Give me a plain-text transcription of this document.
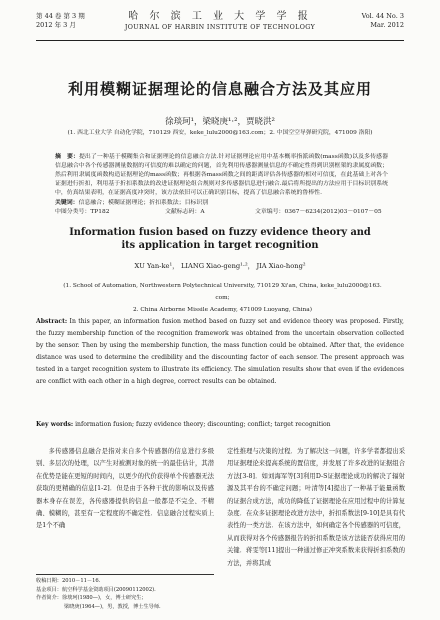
第 44 卷 第 3 期
2012 年 3 月
哈 尔 滨 工 业 大 学 学 报
JOURNAL OF HARBIN INSTITUTE OF TECHNOLOGY
Vol. 44 No. 3
Mar. 2012
利用模糊证据理论的信息融合方法及其应用
徐琰珂¹，梁晓庚¹·²，贾晓洪²
(1. 西北工业大学 自动化学院，710129 西安，keke_lulu2000@163.com；2. 中国空空导弹研究院，471009 洛阳)
摘　要：提出了一种基于模糊集合和证据理论的信息融合方法.针对证据理论应用中基本概率指派函数(mass函数)以及多传感器信息融合中各个传感器测量数据的可信度的难以确定的问题，首先利用传感器测量信息的不确定性得到识别框架的隶属度函数；然后利用隶属度函数构造证据理论的mass函数；再根据各mass函数之间的距离评估各传感器的相对可信度，在此基础上对各个证据进行折扣，利用基于折扣系数法的改进证据理论组合规则对多传感器信息进行融合.最后将所提出的方法应用于目标识别系统中，仿真结果表明，在证据高度冲突时，该方法依旧可以正确识别目标，提高了信息融合系统的鲁棒性.
关键词：信息融合；模糊证据理论；折扣系数法；目标识别
中图分类号：TP182	文献标志码：A	文章编号：0367－6234(2012)03－0107－05
Information fusion based on fuzzy evidence theory and
its application in target recognition
XU Yan-ke¹， LIANG Xiao-geng¹·²， JIA Xiao-hong²
(1. School of Automation, Northwestern Polytechnical University, 710129 Xi'an, China, keke_lulu2000@163. com;
2. China Airborne Missile Academy, 471009 Luoyang, China)
Abstract: In this paper, an information fusion method based on fuzzy set and evidence theory was proposed. Firstly, the fuzzy membership function of the recognition framework was obtained from the uncertain observation collected by the sensor. Then by using the membership function, the mass function could be obtained. After that, the evidence distance was used to determine the credibility and the discounting factor of each sensor. The present approach was tested in a target recognition system to illustrate its efficiency. The simulation results show that even if the evidences are conflict with each other in a high degree, correct results can be obtained.
Key words: information fusion; fuzzy evidence theory; discounting; conflict; target recognition
多传感器信息融合是指对来自多个传感器的信息进行多级别、多层次的处理，以产生对被测对象的统一的最佳估计，其潜在优势是能在更短的时间内，以更少的代价获得单个传感器无法获取的更精确的信息[1-2]．但是由于各种干扰的影响以及传感器本身存在误差，各传感器提供的信息一般都是不完全、不精确、模糊的，甚至有一定程度的不确定性．信息融合过程实质上是1个不确
定性推理与决策的过程．为了解决这一问题，许多学者都提出采用证据理论来提高系统的置信度，并发展了许多改进的证据组合方法[3-8]．如刘海军等[3]利用D-S证据理论成功的解决了辐射源及其平台的不确定问题；叶清等[4]提出了一种基于能量函数的证据合成方法，成功的降低了证据理论在应用过程中的计算复杂度．在众多证据理论改进方法中，折扣系数法[9-10]是具有代表性的一类方法．在该方法中，如何确定各个传感器的可信度，从而获得对各个传感器报告的折扣系数是该方法能否获得应用的关键．蒋雯等[11]提出一种通过修正冲突系数来获得折扣系数的方法，并将其成
收稿日期：2010－11－16.
基金项目：航空科学基金资助项目(20090112002).
作者简介：徐琰珂(1980—)，女，博士研究生；
梁晓庚(1964—)，男，教授，博士生导师.
